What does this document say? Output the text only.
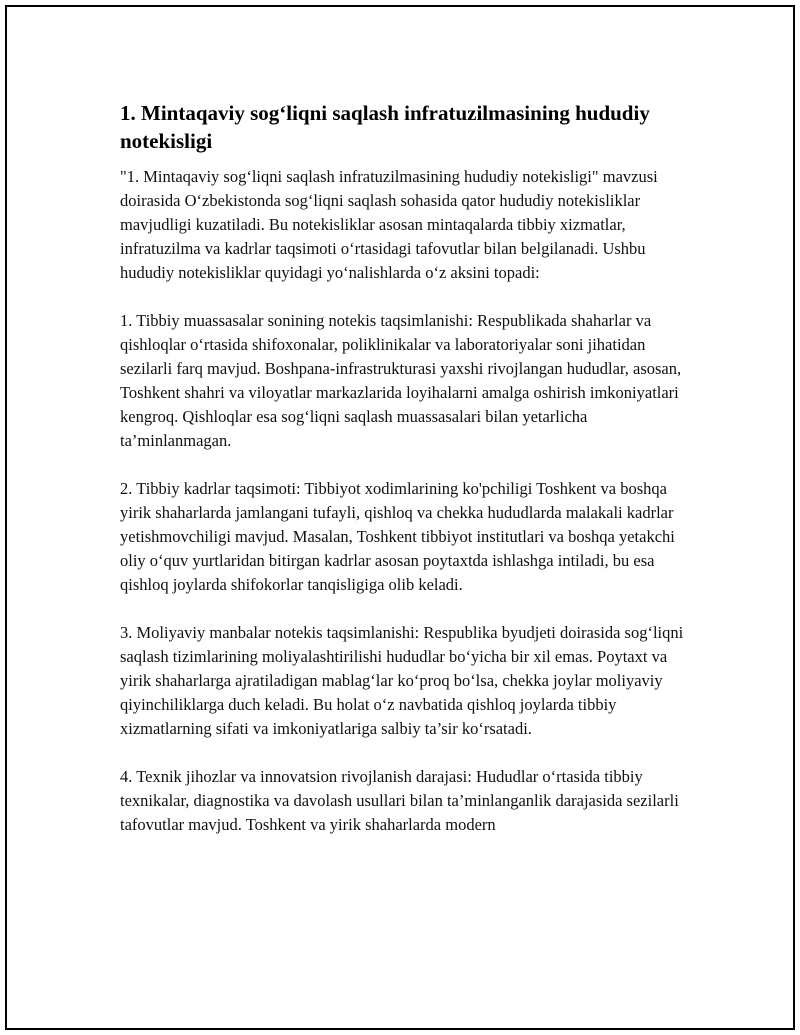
1. Mintaqaviy sog‘liqni saqlash infratuzilmasining hududiy notekisligi

"1. Mintaqaviy sog‘liqni saqlash infratuzilmasining hududiy notekisligi" mavzusi doirasida O‘zbekistonda sog‘liqni saqlash sohasida qator hududiy notekisliklar mavjudligi kuzatiladi. Bu notekisliklar asosan mintaqalarda tibbiy xizmatlar, infratuzilma va kadrlar taqsimoti o‘rtasidagi tafovutlar bilan belgilanadi. Ushbu hududiy notekisliklar quyidagi yo‘nalishlarda o‘z aksini topadi:

1. Tibbiy muassasalar sonining notekis taqsimlanishi: Respublikada shaharlar va qishloqlar o‘rtasida shifoxonalar, poliklinikalar va laboratoriyalar soni jihatidan sezilarli farq mavjud. Boshpana-infrastrukturasi yaxshi rivojlangan hududlar, asosan, Toshkent shahri va viloyatlar markazlarida loyihalarni amalga oshirish imkoniyatlari kengroq. Qishloqlar esa sog‘liqni saqlash muassasalari bilan yetarlicha ta’minlanmagan.

2. Tibbiy kadrlar taqsimoti: Tibbiyot xodimlarining ko'pchiligi Toshkent va boshqa yirik shaharlarda jamlangani tufayli, qishloq va chekka hududlarda malakali kadrlar yetishmovchiligi mavjud. Masalan, Toshkent tibbiyot institutlari va boshqa yetakchi oliy o‘quv yurtlaridan bitirgan kadrlar asosan poytaxtda ishlashga intiladi, bu esa qishloq joylarda shifokorlar tanqisligiga olib keladi.

3. Moliyaviy manbalar notekis taqsimlanishi: Respublika byudjeti doirasida sog‘liqni saqlash tizimlarining moliyalashtirilishi hududlar bo‘yicha bir xil emas. Poytaxt va yirik shaharlarga ajratiladigan mablag‘lar ko‘proq bo‘lsa, chekka joylar moliyaviy qiyinchiliklarga duch keladi. Bu holat o‘z navbatida qishloq joylarda tibbiy xizmatlarning sifati va imkoniyatlariga salbiy ta’sir ko‘rsatadi.

4. Texnik jihozlar va innovatsion rivojlanish darajasi: Hududlar o‘rtasida tibbiy texnikalar, diagnostika va davolash usullari bilan ta’minlanganlik darajasida sezilarli tafovutlar mavjud. Toshkent va yirik shaharlarda modern
